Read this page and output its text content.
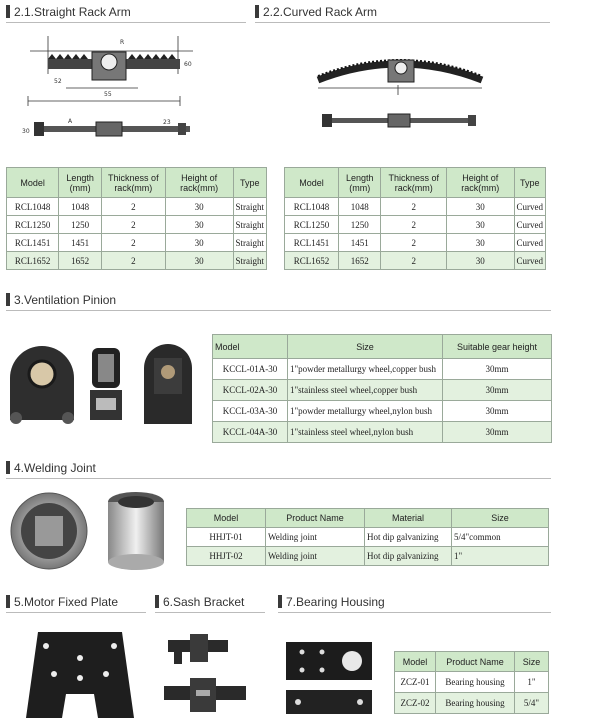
2.1.Straight Rack Arm	2.2.Curved Rack Arm
R
52
55
60
23
A
30
Model	Length (mm)	Thickness of rack(mm)	Height of rack(mm)	Type
RCL1048	1048	2	30	Straight
RCL1250	1250	2	30	Straight
RCL1451	1451	2	30	Straight
RCL1652	1652	2	30	Straight
Model	Length (mm)	Thickness of rack(mm)	Height of rack(mm)	Type
RCL1048	1048	2	30	Curved
RCL1250	1250	2	30	Curved
RCL1451	1451	2	30	Curved
RCL1652	1652	2	30	Curved
3.Ventilation Pinion
Model	Size	Suitable gear height
KCCL-01A-30	1"powder metallurgy wheel,copper bush	30mm
KCCL-02A-30	1"stainless steel wheel,copper bush	30mm
KCCL-03A-30	1"powder metallurgy wheel,nylon bush	30mm
KCCL-04A-30	1"stainless steel wheel,nylon bush	30mm
4.Welding Joint
Model	Product Name	Material	Size
HHJT-01	Welding joint	Hot dip galvanizing	5/4"common
HHJT-02	Welding joint	Hot dip galvanizing	1"
5.Motor Fixed Plate	6.Sash Bracket	7.Bearing Housing
Model	Product Name	Size
ZCZ-01	Bearing housing	1"
ZCZ-02	Bearing housing	5/4"
